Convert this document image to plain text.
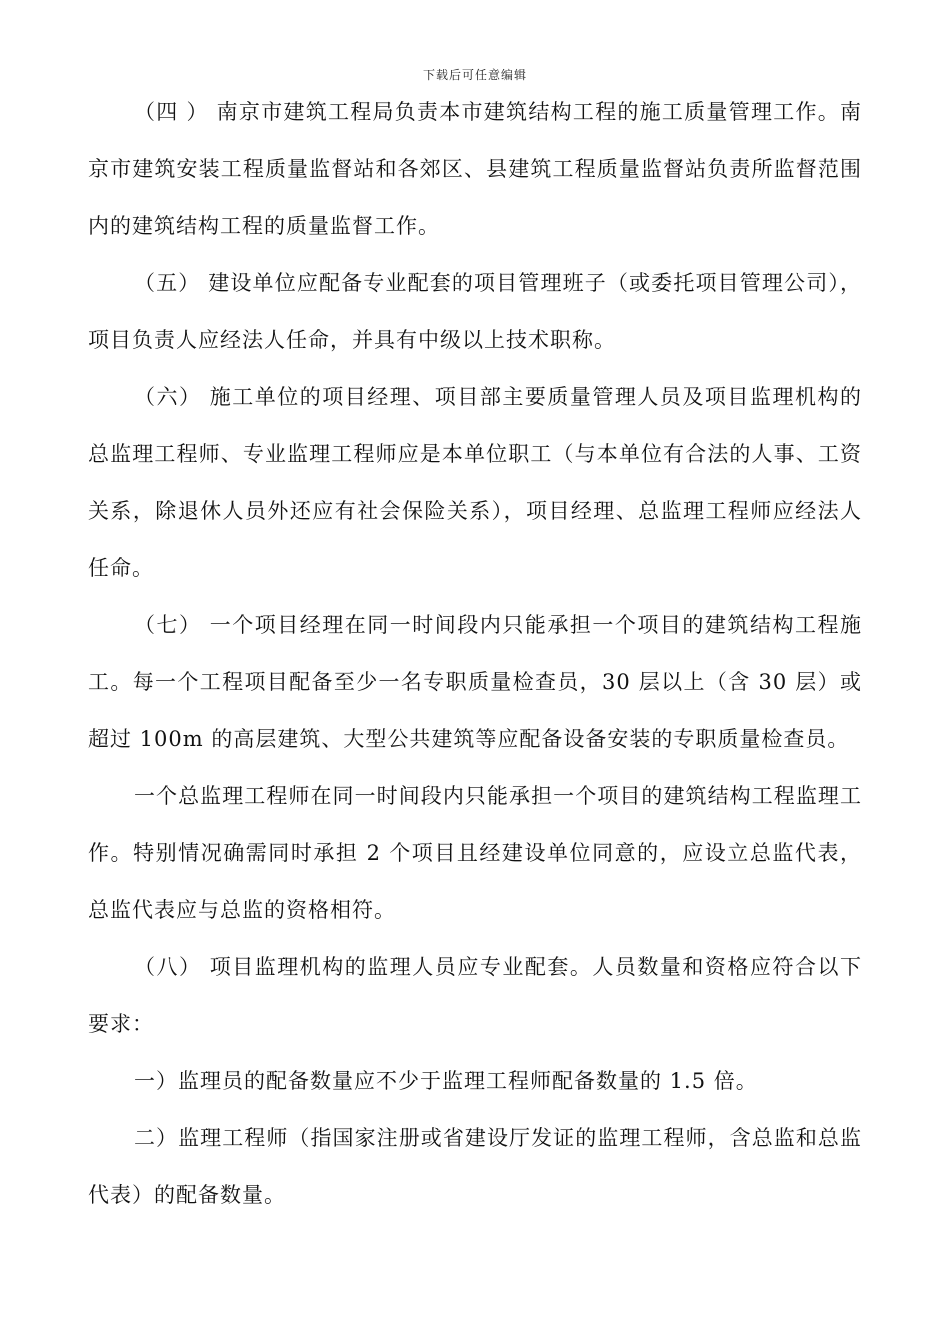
下载后可任意编辑

（四 ） 南京市建筑工程局负责本市建筑结构工程的施工质量管理工作。南京市建筑安装工程质量监督站和各郊区、县建筑工程质量监督站负责所监督范围内的建筑结构工程的质量监督工作。

（五） 建设单位应配备专业配套的项目管理班子（或委托项目管理公司），项目负责人应经法人任命，并具有中级以上技术职称。

（六） 施工单位的项目经理、项目部主要质量管理人员及项目监理机构的总监理工程师、专业监理工程师应是本单位职工（与本单位有合法的人事、工资关系，除退休人员外还应有社会保险关系），项目经理、总监理工程师应经法人任命。

（七） 一个项目经理在同一时间段内只能承担一个项目的建筑结构工程施工。每一个工程项目配备至少一名专职质量检查员，30 层以上（含 30 层）或超过 100m 的高层建筑、大型公共建筑等应配备设备安装的专职质量检查员。

一个总监理工程师在同一时间段内只能承担一个项目的建筑结构工程监理工作。特别情况确需同时承担 2 个项目且经建设单位同意的，应设立总监代表，总监代表应与总监的资格相符。

（八） 项目监理机构的监理人员应专业配套。人员数量和资格应符合以下要求：

一）监理员的配备数量应不少于监理工程师配备数量的 1.5 倍。

二）监理工程师（指国家注册或省建设厅发证的监理工程师，含总监和总监代表）的配备数量。
